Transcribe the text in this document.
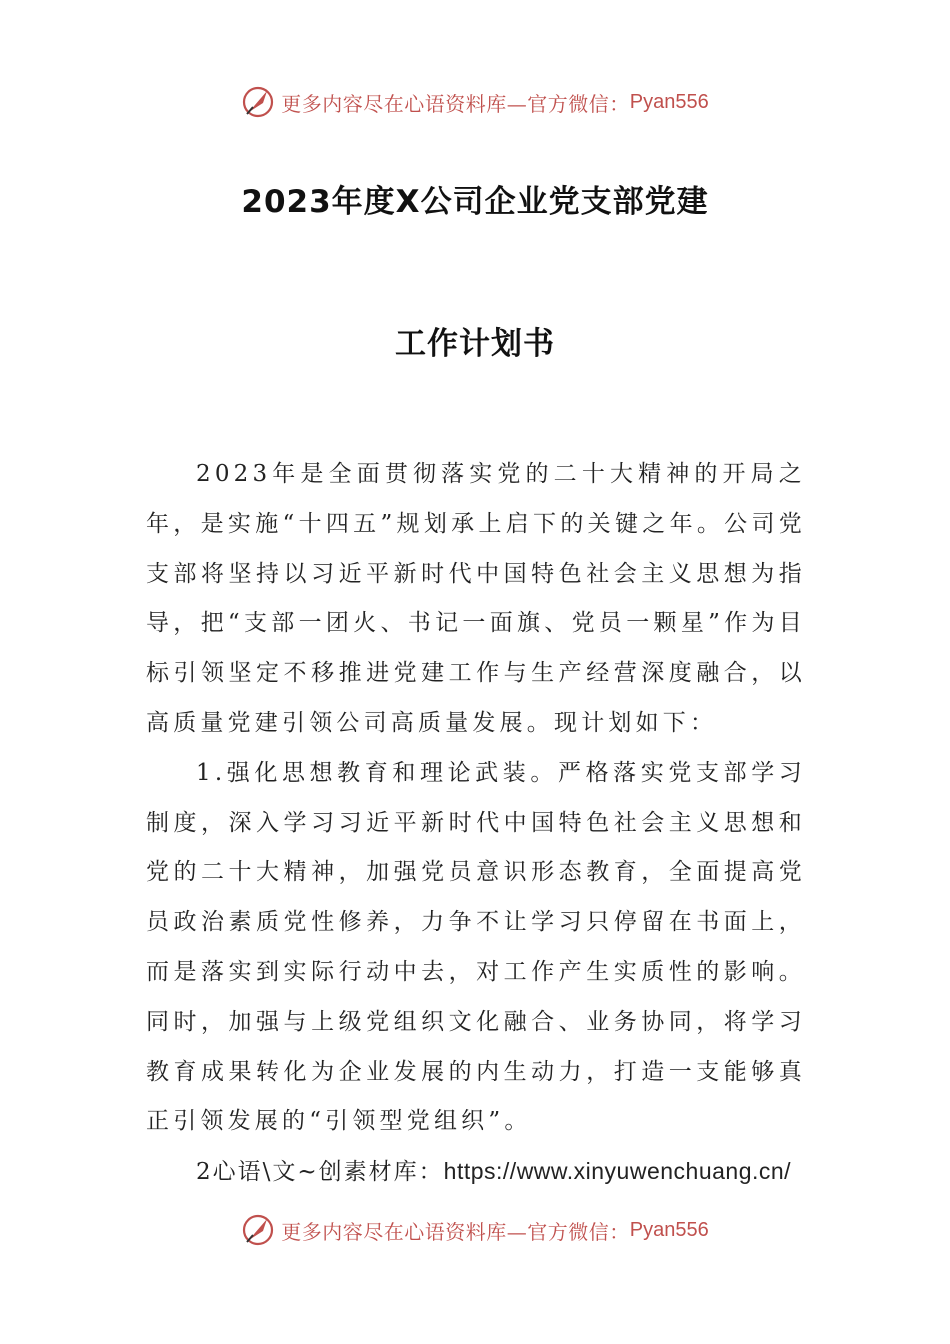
更多内容尽在心语资料库—官方微信： Pyan556
2023年度X公司企业党支部党建
工作计划书

2023年是全面贯彻落实党的二十大精神的开局之年，是实施“十四五”规划承上启下的关键之年。公司党支部将坚持以习近平新时代中国特色社会主义思想为指导，把“支部一团火、书记一面旗、党员一颗星”作为目标引领坚定不移推进党建工作与生产经营深度融合，以高质量党建引领公司高质量发展。现计划如下：

1.强化思想教育和理论武装。严格落实党支部学习制度，深入学习习近平新时代中国特色社会主义思想和党的二十大精神，加强党员意识形态教育，全面提高党员政治素质党性修养，力争不让学习只停留在书面上，而是落实到实际行动中去，对工作产生实质性的影响。同时，加强与上级党组织文化融合、业务协同，将学习教育成果转化为企业发展的内生动力，打造一支能够真正引领发展的“引领型党组织”。

2心语\文~创素材库：https://www.xinyuwenchuang.cn/

更多内容尽在心语资料库—官方微信： Pyan556
